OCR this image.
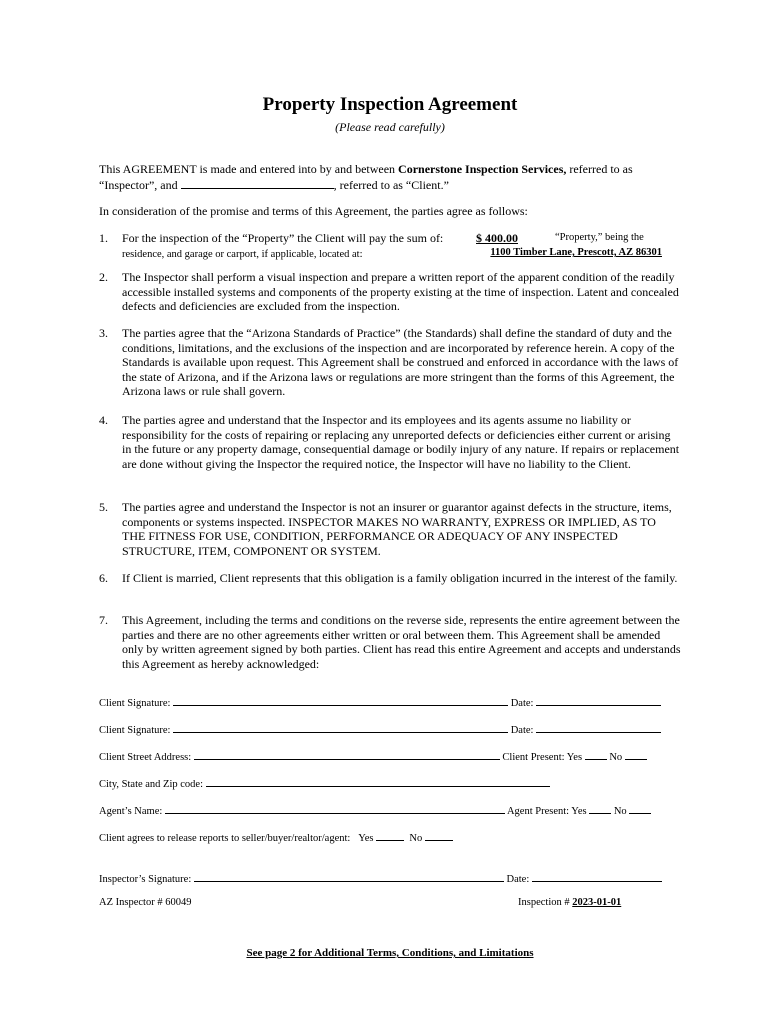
Property Inspection Agreement
(Please read carefully)
This AGREEMENT is made and entered into by and between Cornerstone Inspection Services, referred to as
“Inspector”, and	, referred to as “Client.”
In consideration of the promise and terms of this Agreement, the parties agree as follows:
1. For the inspection of the “Property” the Client will pay the sum of:	$ 400.00	“Property,” being the

residence, and garage or carport, if applicable, located at:	1100 Timber Lane, Prescott, AZ 86301
2. The Inspector shall perform a visual inspection and prepare a written report of the apparent condition of the readily accessible installed systems and components of the property existing at the time of inspection. Latent and concealed defects and deficiencies are excluded from the inspection.
3. The parties agree that the “Arizona Standards of Practice” (the Standards) shall define the standard of duty and the conditions, limitations, and the exclusions of the inspection and are incorporated by reference herein. A copy of the Standards is available upon request. This Agreement shall be construed and enforced in accordance with the laws of the state of Arizona, and if the Arizona laws or regulations are more stringent than the forms of this Agreement, the Arizona laws or rule shall govern.
4. The parties agree and understand that the Inspector and its employees and its agents assume no liability or responsibility for the costs of repairing or replacing any unreported defects or deficiencies either current or arising in the future or any property damage, consequential damage or bodily injury of any nature. If repairs or replacement are done without giving the Inspector the required notice, the Inspector will have no liability to the Client.
5. The parties agree and understand the Inspector is not an insurer or guarantor against defects in the structure, items, components or systems inspected. INSPECTOR MAKES NO WARRANTY, EXPRESS OR IMPLIED, AS TO THE FITNESS FOR USE, CONDITION, PERFORMANCE OR ADEQUACY OF ANY INSPECTED STRUCTURE, ITEM, COMPONENT OR SYSTEM.
6. If Client is married, Client represents that this obligation is a family obligation incurred in the interest of the family.
7. This Agreement, including the terms and conditions on the reverse side, represents the entire agreement between the parties and there are no other agreements either written or oral between them. This Agreement shall be amended only by written agreement signed by both parties. Client has read this entire Agreement and accepts and understands this Agreement as hereby acknowledged:
Client Signature:	Date:
Client Signature:	Date:
Client Street Address:	Client Present: Yes	No
City, State and Zip code:
Agent’s Name:	Agent Present: Yes	No
Client agrees to release reports to seller/buyer/realtor/agent: Yes	No
Inspector’s Signature:	Date:
AZ Inspector # 60049	Inspection # 2023-01-01
See page 2 for Additional Terms, Conditions, and Limitations
